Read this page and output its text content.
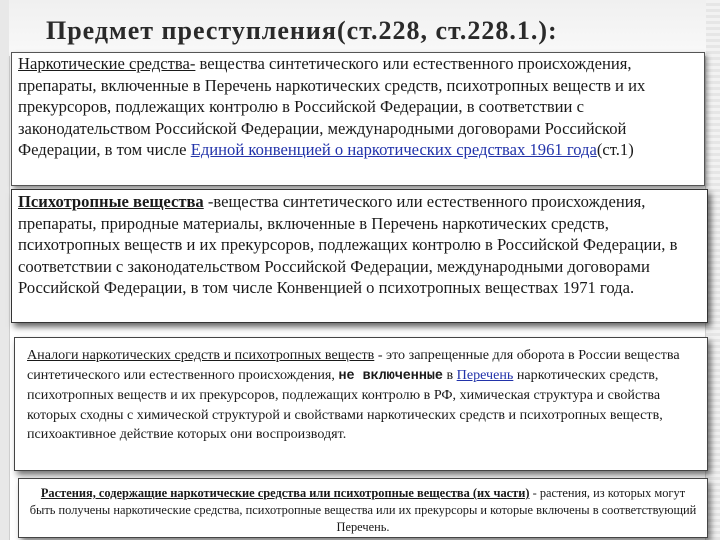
Предмет преступления(ст.228, ст.228.1.):

Наркотические средства- вещества синтетического или естественного происхождения, препараты, включенные в Перечень наркотических средств, психотропных веществ и их прекурсоров, подлежащих контролю в Российской Федерации, в соответствии с законодательством Российской Федерации, международными договорами Российской Федерации, в том числе Единой конвенцией о наркотических средствах 1961 года(ст.1)

Психотропные вещества -вещества синтетического или естественного происхождения, препараты, природные материалы, включенные в Перечень наркотических средств, психотропных веществ и их прекурсоров, подлежащих контролю в Российской Федерации, в соответствии с законодательством Российской Федерации, международными договорами Российской Федерации, в том числе Конвенцией о психотропных веществах 1971 года.

Аналоги наркотических средств и психотропных веществ - это запрещенные для оборота в России вещества синтетического или естественного происхождения, не включенные в Перечень наркотических средств, психотропных веществ и их прекурсоров, подлежащих контролю в РФ, химическая структура и свойства которых сходны с химической структурой и свойствами наркотических средств и психотропных веществ, психоактивное действие которых они воспроизводят.

Растения, содержащие наркотические средства или психотропные вещества (их части) - растения, из которых могут быть получены наркотические средства, психотропные вещества или их прекурсоры и которые включены в соответствующий Перечень.
